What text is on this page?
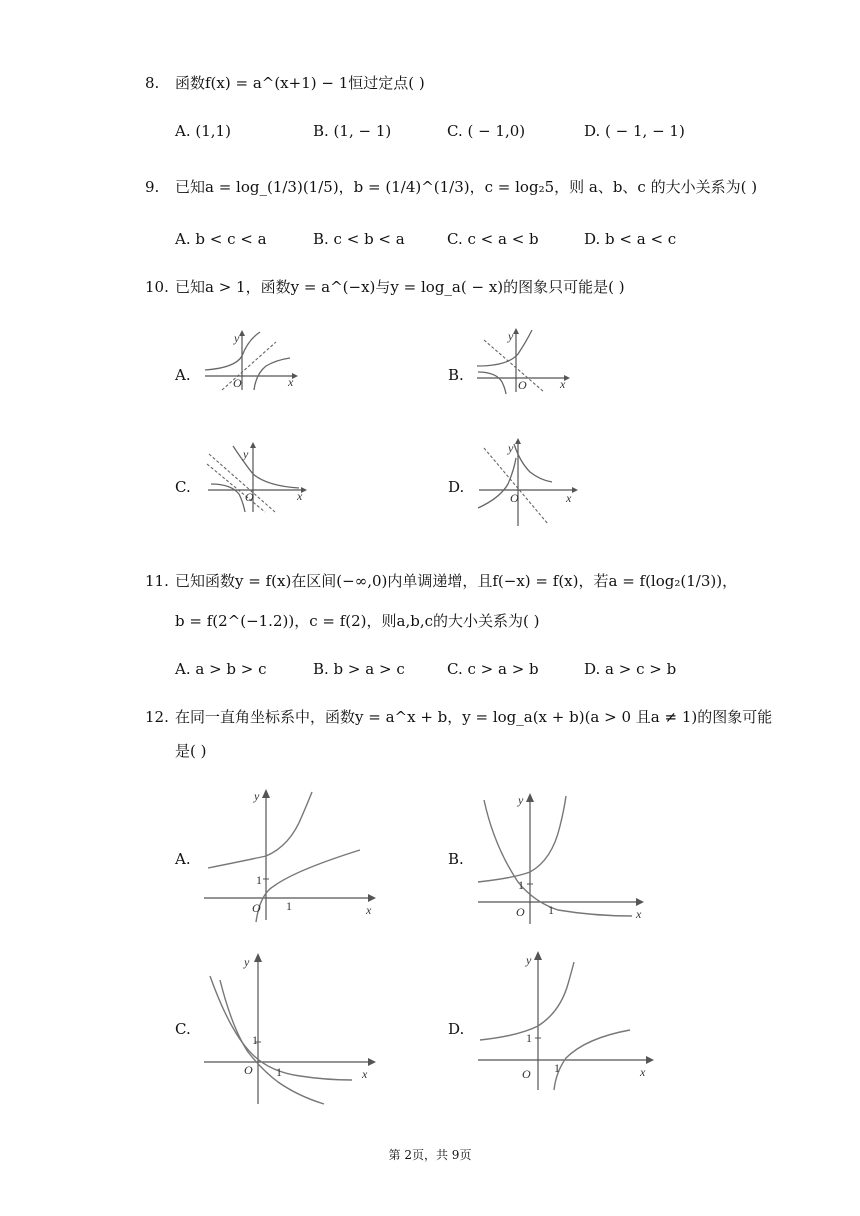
8. 函数f(x) = a^(x+1) − 1恒过定点( )
A. (1,1)	B. (1, − 1)	C. ( − 1,0)	D. ( − 1, − 1)
9. 已知a = log_(1/3)(1/5)，b = (1/4)^(1/3)，c = log₂5，则 a、b、c 的大小关系为( )
A. b < c < a	B. c < b < a	C. c < a < b	D. b < a < c
10. 已知a > 1，函数y = a^(−x)与y = log_a( − x)的图象只可能是( )
A.	O	x
y
B.
O	x
y
C.
O	x
y
D.
O	x
y
11. 已知函数y = f(x)在区间(−∞,0)内单调递增，且f(−x) = f(x)，若a = f(log₂(1/3))，
b = f(2^(−1.2))，c = f(2)，则a,b,c的大小关系为( )
A. a > b > c	B. b > a > c	C. c > a > b	D. a > c > b
12. 在同一直角坐标系中，函数y = a^x + b，y = log_a(x + b)(a > 0 且a ≠ 1)的图象可能
是( )
A.
1
1
O	x
y
B.
1
1
O	x
y
C.
1
1
O	x
y
D.	1
1
O	x
y
第 2页，共 9页
